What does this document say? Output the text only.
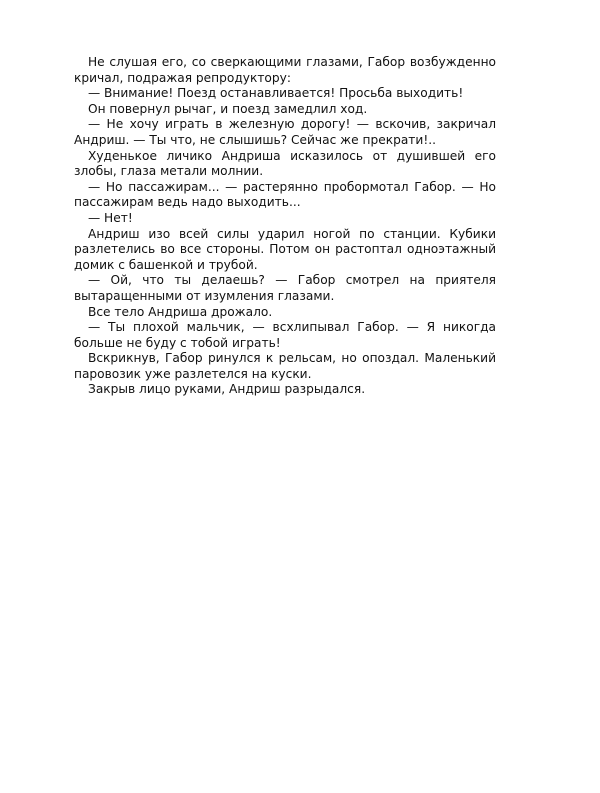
Не слушая его, со сверкающими глазами, Габор возбужденно кричал, подражая репродуктору:

— Внимание! Поезд останавливается! Просьба выходить!

Он повернул рычаг, и поезд замедлил ход.

— Не хочу играть в железную дорогу! — вскочив, закричал Андриш. — Ты что, не слышишь? Сейчас же прекрати!..

Худенькое личико Андриша исказилось от душившей его злобы, глаза метали молнии.

— Но пассажирам... — растерянно пробормотал Габор. — Но пассажирам ведь надо выходить...

— Нет!

Андриш изо всей силы ударил ногой по станции. Кубики разлетелись во все стороны. Потом он растоптал одноэтажный домик с башенкой и трубой.

— Ой, что ты делаешь? — Габор смотрел на приятеля вытаращенными от изумления глазами.

Все тело Андриша дрожало.

— Ты плохой мальчик, — всхлипывал Габор. — Я никогда больше не буду с тобой играть!

Вскрикнув, Габор ринулся к рельсам, но опоздал. Маленький паровозик уже разлетелся на куски.

Закрыв лицо руками, Андриш разрыдался.
